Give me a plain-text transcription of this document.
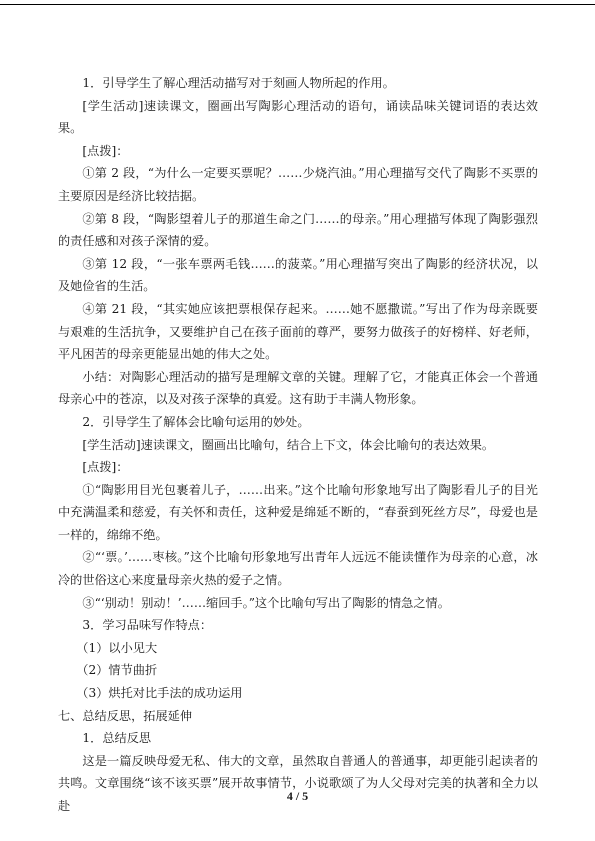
1．引导学生了解心理活动描写对于刻画人物所起的作用。

[学生活动]速读课文，圈画出写陶影心理活动的语句，诵读品味关键词语的表达效果。

[点拨]：

①第 2 段，“为什么一定要买票呢？……少烧汽油。”用心理描写交代了陶影不买票的主要原因是经济比较拮据。

②第 8 段，“陶影望着儿子的那道生命之门……的母亲。”用心理描写体现了陶影强烈的责任感和对孩子深情的爱。

③第 12 段，“一张车票两毛钱……的菠菜。”用心理描写突出了陶影的经济状况，以及她俭省的生活。

④第 21 段，“其实她应该把票根保存起来。……她不愿撒谎。”写出了作为母亲既要与艰难的生活抗争，又要维护自己在孩子面前的尊严，要努力做孩子的好榜样、好老师，平凡困苦的母亲更能显出她的伟大之处。

小结：对陶影心理活动的描写是理解文章的关键。理解了它，才能真正体会一个普通母亲心中的苍凉，以及对孩子深挚的真爱。这有助于丰满人物形象。

2．引导学生了解体会比喻句运用的妙处。

[学生活动]速读课文，圈画出比喻句，结合上下文，体会比喻句的表达效果。

[点拨]：

①“陶影用目光包裹着儿子，……出来。”这个比喻句形象地写出了陶影看儿子的目光中充满温柔和慈爱，有关怀和责任，这种爱是绵延不断的，“春蚕到死丝方尽”，母爱也是一样的，绵绵不绝。

②“‘票。’……枣核。”这个比喻句形象地写出青年人远远不能读懂作为母亲的心意，冰冷的世俗这心来度量母亲火热的爱子之情。

③“‘别动！别动！’……缩回手。”这个比喻句写出了陶影的情急之情。

3．学习品味写作特点：

（1）以小见大

（2）情节曲折

（3）烘托对比手法的成功运用

七、总结反思，拓展延伸

1．总结反思

这是一篇反映母爱无私、伟大的文章，虽然取自普通人的普通事，却更能引起读者的共鸣。文章围绕“该不该买票”展开故事情节，小说歌颂了为人父母对完美的执著和全力以赴

4 / 5
